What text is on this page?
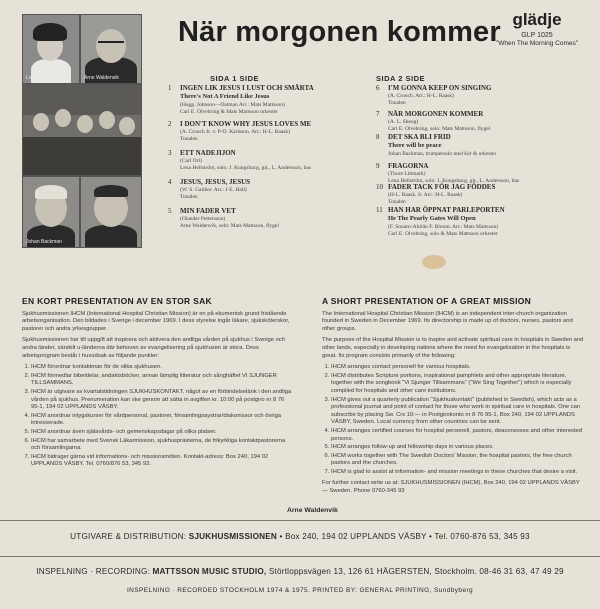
Lena Hellström	Arne Waldenvik
Johan Backman
När morgonen kommer glädje
GLP 1025
"When The Morning Comes"
SIDA 1 SIDE
1 INGEN LIK JESUS I LUST OCH SMÄRTA
There's Not A Friend Like Jesus
(Hugg. Johnson—Oatman Arr.: Mats Mattsson)
Carl E. Olvebring & Mats Mattsson orkester
2 I DON'T KNOW WHY JESUS LOVES ME
(A. Crouch Jr. s: P-O. Karlsson. Arr.: H-L. Raask)
Tonalen
3 ETT NADEJIJON
(Carl Orl)
Lena Hellström, solo: J. Kungsbacg, git., L. Andersson, bas
4 JESUS, JESUS, JESUS
(W. S. Gaither. Arr.: J-E. Hall)
Tonalen
5 MIN FADER VET
(Olander Pettersson)
Arne Waldenvik, solo: Mats Mattsson, flygel
SIDA 2 SIDE
6 I'M GONNA KEEP ON SINGING
(A. Crouch. Arr.: H-L. Raask)
Tonalen
7 NÄR MORGONEN KOMMER
(A. L. Skeog)
Carl E. Olvebring, solo: Mats Mattsson, flygel
8 DET SKA BLI FRID
There will be peace
Johan Backman, trumpetsolo med kör & orkester
9 FRAGORNA
(Thore Littmark)
Lena Hellström, solo: J. Kungsbacg, git., L. Andersson, bas
10 FADER TACK FÖR JAG FÖDDES
(H-L. Raask. S: Arr.: H-L. Raask)
Tonalen
11 HAN HAR ÖPPNAT PARLEPORTEN
He The Pearly Gates Will Open
(F. Sonarn-Ahlrän F. Bloom. Arr.: Mats Mattsson)
Carl E. Olvebring, solo & Mats Mattsson orkester
EN KORT PRESENTATION AV EN STOR SAK

Sjukhusmissionen IHCM (International Hospital Christian Mission) är en på ekumenisk grund fristående arbetsorganisation. Den bildades i Sverige i december 1969. I dess styrelse ingår läkare, sjuksköterskor, pastorer och andra yrkesgrupper.

Sjukhusmissionen har till uppgift att inspirera och aktivera den andliga vården på sjukhus i Sverige och andra länder, särskilt u-länderna där behoven av evangelisering på sjukhusen är stora. Dess arbetsprogram består i huvudsak av följande punkter:

1. IHCM förordnar kontaktman för de olika sjukhusen.
2. IHCM förmedlar bibeldelar, andaktsböcker, annan lämplig litteratur och sånghäftet VI SJUNGER TILLSAMMANS.
3. IHCM är utgivare av kvartalstidningen SJUKHUSKONTAKT, något av en förbindelselänk i den andliga vården på sjukhus. Prenumeration kan ske genom att sätta in avgiften kr. 10:00 på postgiro nr 8 76 95-1, 194 02 UPPLANDS VÄSBY.
4. IHCM anordnar intygskurser för vårdpersonal, pastorer, församlingsaystrar/diakonissor och övriga intresserade.
5. IHCM anordnar även själavårds- och gemenskapsdagar på olika platser.
6. IHCM har samarbete med Svensk Läkarmission, sjukhusprästerna, de frikyrkliga kontaktpastorerna och församlingarna.
7. IHCM bidrager gärna vid informations- och missionsmöten. Kontakt-adress: Box 240, 194 02 UPPLANDS VÄSBY. Tel. 0760/876 53, 345 93.
Arne Waldenvik
A SHORT PRESENTATION OF A GREAT MISSION

The International Hospital Christian Mission (IHCM) is an independent inter-church organization founded in Sweden in December 1969. Its directorship is made up of doctors, nurses, pastors and other groups.

The purpose of the Hospital Mission is to inspire and activate spiritual care in hospitals in Sweden and other lands, especially in developing nations where the need for evangelization in the hospitals is great. Its program consists primarily of the following:

1. IHCM arranges contact personell for various hospitals.
2. IHCM distributes Scripture portions, inspirational pamphlets and other appropriate literature, together with the songbook "Vi Sjunger Tillsammans" ("We Sing Together") which is especially compiled for hospitals and other care institutions.
3. IHCM gives out a quarterly publication "Sjukhuskontakt" (published in Swedish), which acts as a professional journal and point of contact for those who work in spiritual care in hospitals. One can subscribe by placing Sw. Crs 10:— in Postgirokonto nr 8 76 95-1, Box 240, 194 02 UPPLANDS VÄSBY, Sweden. Local currency from other countries can be sent.
4. IHCM arranges certified courses for hospital personell, pastors, deaconesses and other interested persons.
5. IHCM arranges follow-up and fellowship days in various places.
6. IHCM works together with The Swedish Doctors' Mission, the hospital pastors, the free church pastors and the churches.
7. IHCM is glad to assist at information- and mission meetings in these churches that desire a visit.

For further contact write us at: SJUKHUSMISSIONEN (IHCM), Box 240, 194 02 UPPLANDS VÄSBY — Sweden. Phone 0760-345 93

UTGIVARE & DISTRIBUTION: SJUKHUSMISSIONEN • Box 240, 194 02 UPPLANDS VÄSBY • Tel. 0760-876 53, 345 93
INSPELNING · RECORDING: MATTSSON MUSIC STUDIO, Störtloppsvägen 13, 126 61 HÄGERSTEN, Stockholm. 08-46 31 63, 47 49 29
INSPELNING · RECORDED STOCKHOLM 1974 & 1975. PRINTED BY: GENERAL PRINTING, Sundbyberg
